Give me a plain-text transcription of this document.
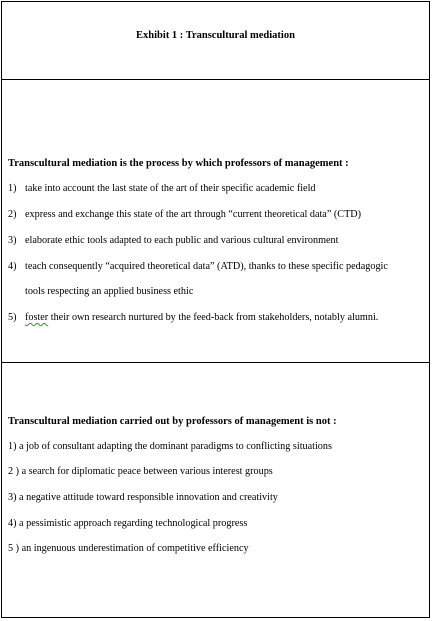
Exhibit 1 : Transcultural mediation
Transcultural mediation is the process by which professors of management :
1) take into account the last state of the art of their specific academic field
2) express and exchange this state of the art through “current theoretical data” (CTD)
3) elaborate ethic tools adapted to each public and various cultural environment
4) teach consequently “acquired theoretical data” (ATD), thanks to these specific pedagogic
tools respecting an applied business ethic
5) foster their own research nurtured by the feed-back from stakeholders, notably alumni.
Transcultural mediation carried out by professors of management is not :
1) a job of consultant adapting the dominant paradigms to conflicting situations
2 ) a search for diplomatic peace between various interest groups
3) a negative attitude toward responsible innovation and creativity
4) a pessimistic approach regarding technological progress
5 ) an ingenuous underestimation of competitive efficiency
